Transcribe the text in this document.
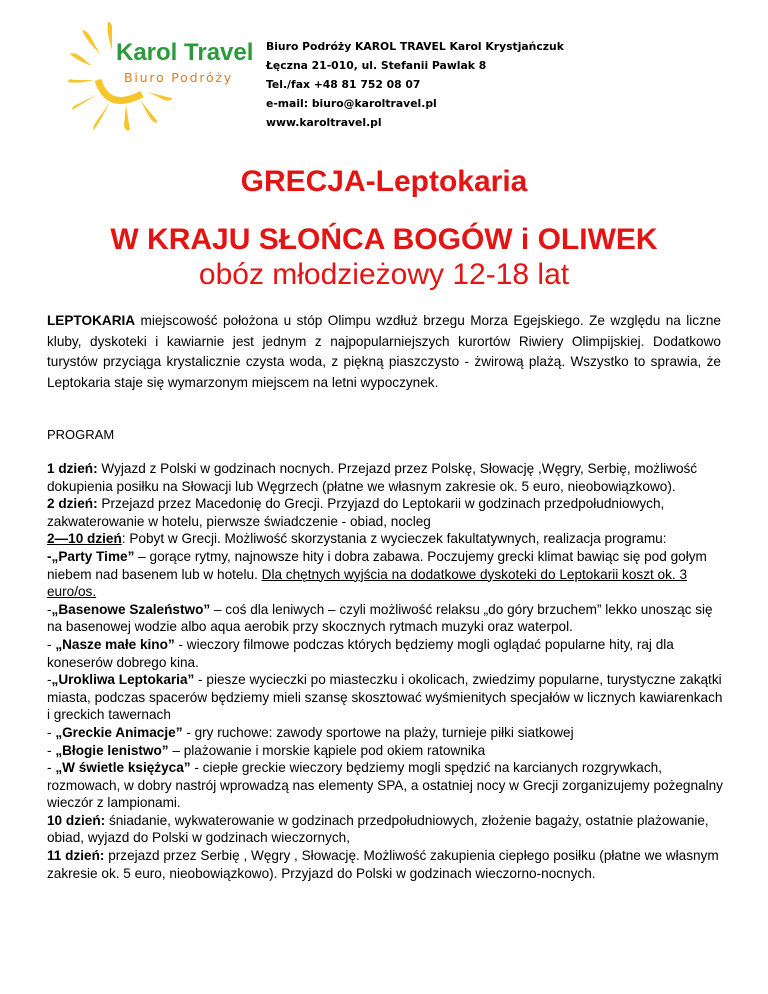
Karol Travel
Biuro Podróży
Biuro Podróży KAROL TRAVEL Karol Krystjańczuk
Łęczna 21-010, ul. Stefanii Pawlak 8
Tel./fax +48 81 752 08 07
e-mail: biuro@karoltravel.pl
www.karoltravel.pl
GRECJA-Leptokaria
W KRAJU SŁOŃCA BOGÓW i OLIWEK
obóz młodzieżowy 12-18 lat
LEPTOKARIA miejscowość położona u stóp Olimpu wzdłuż brzegu Morza Egejskiego. Ze względu na liczne kluby, dyskoteki i kawiarnie jest jednym z najpopularniejszych kurortów Riwiery Olimpijskiej. Dodatkowo turystów przyciąga krystalicznie czysta woda, z piękną piaszczysto - żwirową plażą. Wszystko to sprawia, że Leptokaria staje się wymarzonym miejscem na letni wypoczynek.
PROGRAM

1 dzień: Wyjazd z Polski w godzinach nocnych. Przejazd przez Polskę, Słowację ,Węgry, Serbię, możliwość dokupienia posiłku na Słowacji lub Węgrzech (płatne we własnym zakresie ok. 5 euro, nieobowiązkowo).

2 dzień: Przejazd przez Macedonię do Grecji. Przyjazd do Leptokarii w godzinach przedpołudniowych, zakwaterowanie w hotelu, pierwsze świadczenie - obiad, nocleg

2—10 dzień: Pobyt w Grecji. Możliwość skorzystania z wycieczek fakultatywnych, realizacja programu:

-„Party Time” – gorące rytmy, najnowsze hity i dobra zabawa. Poczujemy grecki klimat bawiąc się pod gołym niebem nad basenem lub w hotelu. Dla chętnych wyjścia na dodatkowe dyskoteki do Leptokarii koszt ok. 3 euro/os.

-„Basenowe Szaleństwo” – coś dla leniwych – czyli możliwość relaksu „do góry brzuchem” lekko unosząc się na basenowej wodzie albo aqua aerobik przy skocznych rytmach muzyki oraz waterpol.

- „Nasze małe kino” - wieczory filmowe podczas których będziemy mogli oglądać popularne hity, raj dla koneserów dobrego kina.

-„Urokliwa Leptokaria” - piesze wycieczki po miasteczku i okolicach, zwiedzimy popularne, turystyczne zakątki miasta, podczas spacerów będziemy mieli szansę skosztować wyśmienitych specjałów w licznych kawiarenkach i greckich tawernach

- „Greckie Animacje” - gry ruchowe: zawody sportowe na plaży, turnieje piłki siatkowej

- „Błogie lenistwo” – plażowanie i morskie kąpiele pod okiem ratownika

- „W świetle księżyca” - ciepłe greckie wieczory będziemy mogli spędzić na karcianych rozgrywkach, rozmowach, w dobry nastrój wprowadzą nas elementy SPA, a ostatniej nocy w Grecji zorganizujemy pożegnalny wieczór z lampionami.

10 dzień: śniadanie, wykwaterowanie w godzinach przedpołudniowych, złożenie bagaży, ostatnie plażowanie, obiad, wyjazd do Polski w godzinach wieczornych,

11 dzień: przejazd przez Serbię , Węgry , Słowację. Możliwość zakupienia ciepłego posiłku (płatne we własnym zakresie ok. 5 euro, nieobowiązkowo). Przyjazd do Polski w godzinach wieczorno-nocnych.
